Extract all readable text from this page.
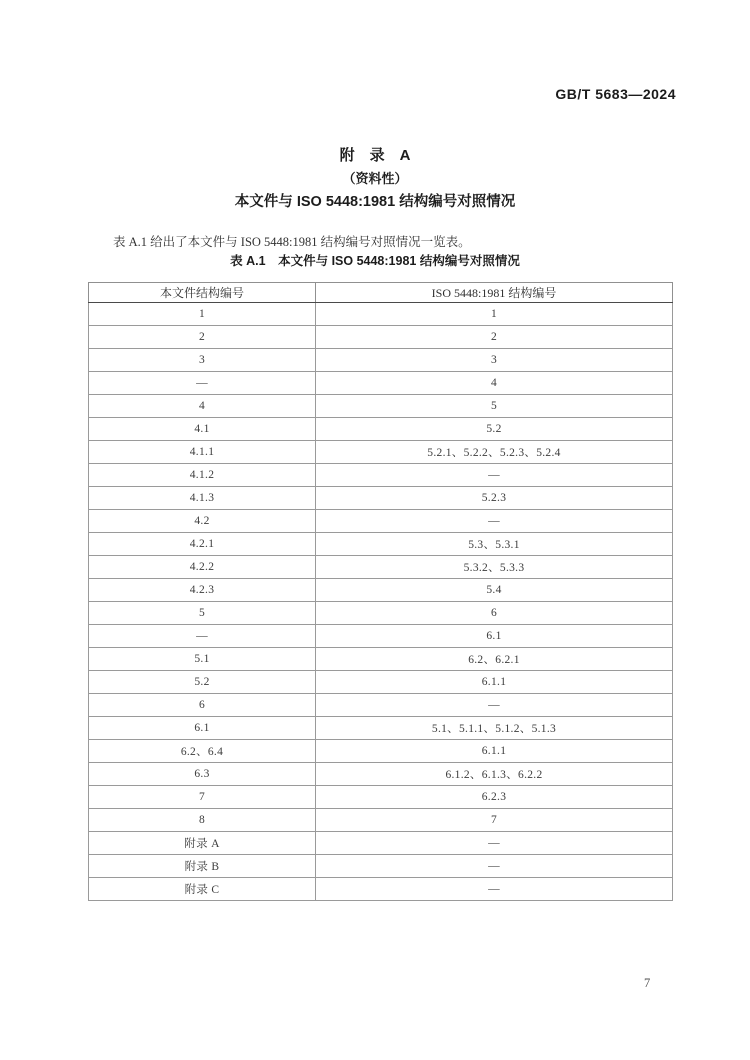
GB/T 5683—2024
附　录　A
（资料性）
本文件与 ISO 5448:1981 结构编号对照情况

表 A.1 给出了本文件与 ISO 5448:1981 结构编号对照情况一览表。

表 A.1　本文件与 ISO 5448:1981 结构编号对照情况
本文件结构编号	ISO 5448:1981 结构编号
1	1
2	2
3	3
—	4
4	5
4.1	5.2
4.1.1	5.2.1、5.2.2、5.2.3、5.2.4
4.1.2	—
4.1.3	5.2.3
4.2	—
4.2.1	5.3、5.3.1
4.2.2	5.3.2、5.3.3
4.2.3	5.4
5	6
—	6.1
5.1	6.2、6.2.1
5.2	6.1.1
6	—
6.1	5.1、5.1.1、5.1.2、5.1.3
6.2、6.4	6.1.1
6.3	6.1.2、6.1.3、6.2.2
7	6.2.3
8	7
附录 A	—
附录 B	—
附录 C	—
7
